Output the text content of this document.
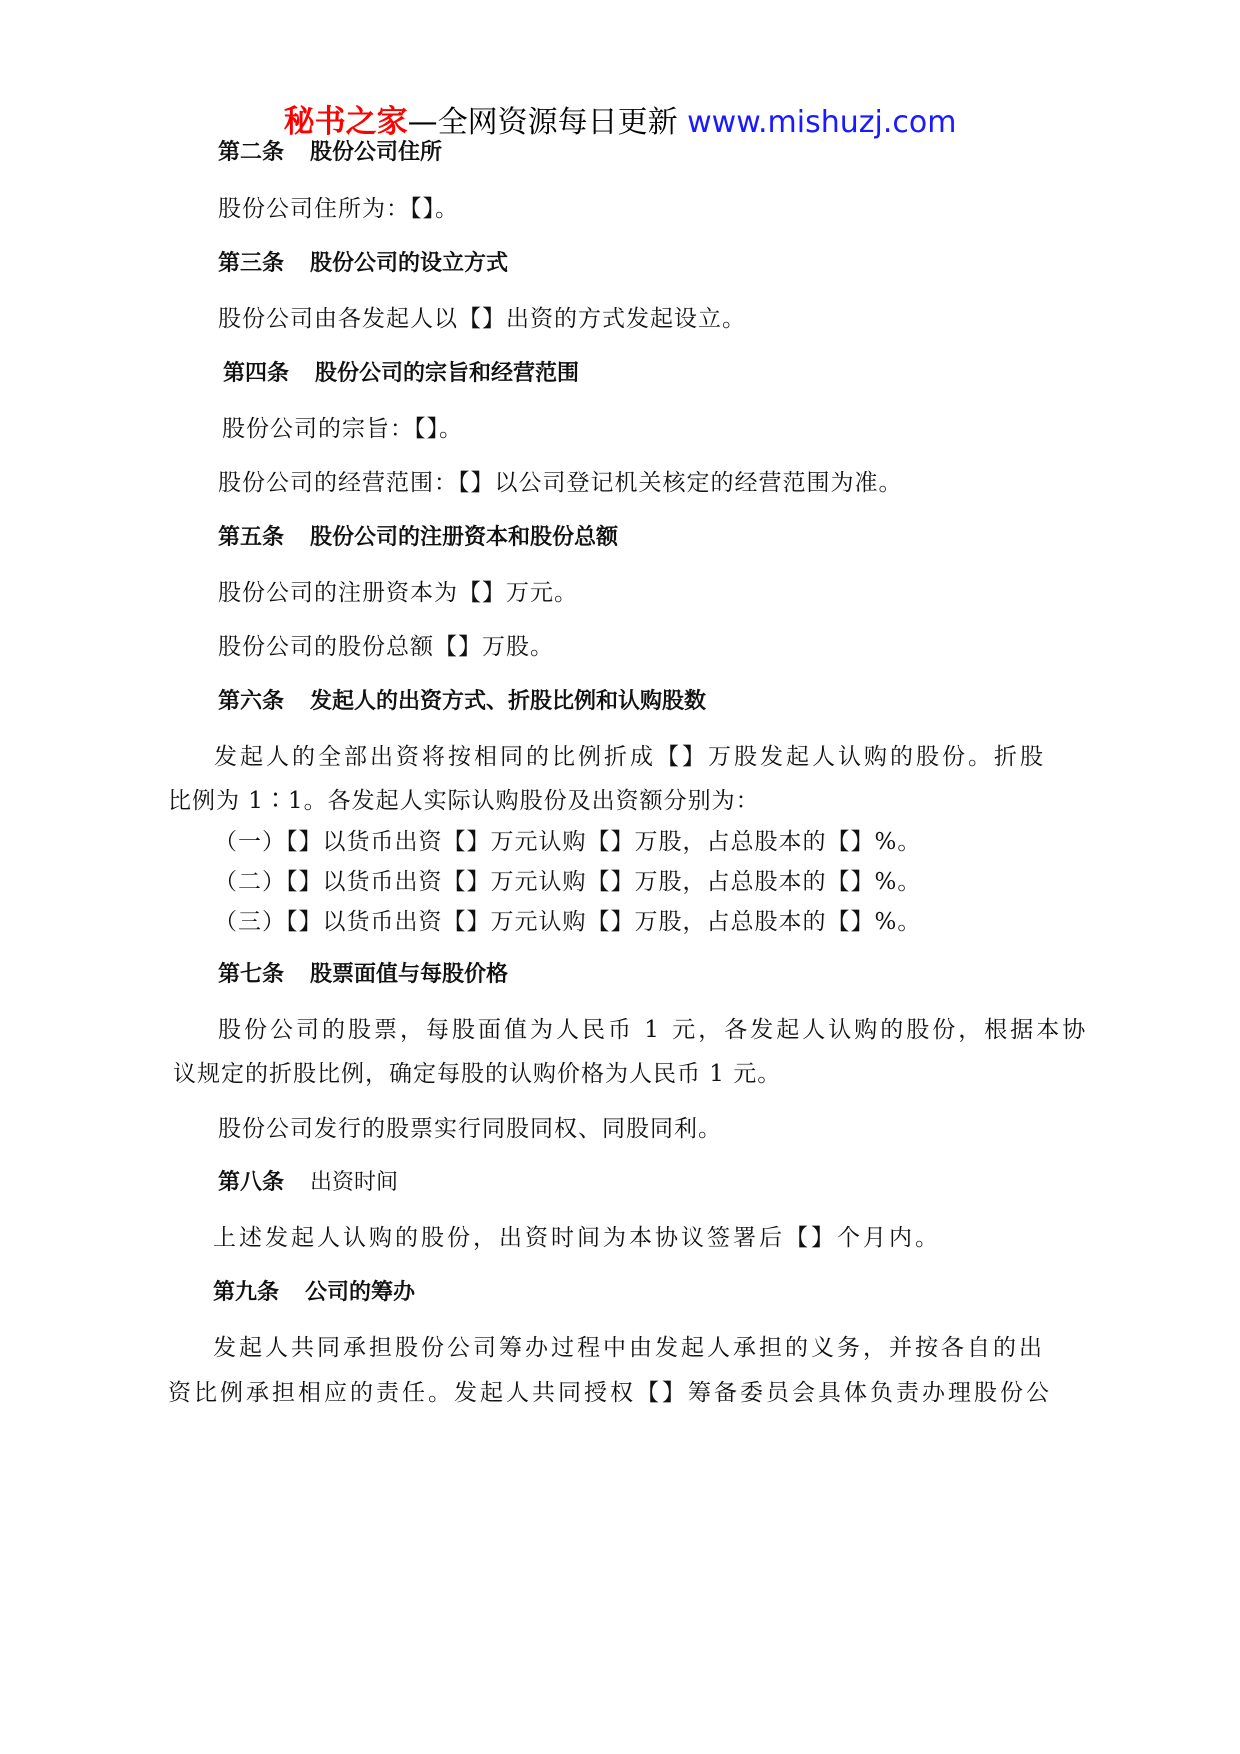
秘书之家—全网资源每日更新 www.mishuzj.com
第二条 股份公司住所
股份公司住所为：【】。
第三条 股份公司的设立方式
股份公司由各发起人以【】出资的方式发起设立。
第四条 股份公司的宗旨和经营范围
股份公司的宗旨：【】。
股份公司的经营范围：【】以公司登记机关核定的经营范围为准。
第五条 股份公司的注册资本和股份总额
股份公司的注册资本为【】万元。
股份公司的股份总额【】万股。
第六条 发起人的出资方式、折股比例和认购股数
发起人的全部出资将按相同的比例折成【】万股发起人认购的股份。折股
比例为 1∶1。各发起人实际认购股份及出资额分别为：
（一）【】以货币出资【】万元认购【】万股，占总股本的【】%。
（二）【】以货币出资【】万元认购【】万股，占总股本的【】%。
（三）【】以货币出资【】万元认购【】万股，占总股本的【】%。
第七条 股票面值与每股价格
股份公司的股票，每股面值为人民币 1 元，各发起人认购的股份，根据本协
议规定的折股比例，确定每股的认购价格为人民币 1 元。
股份公司发行的股票实行同股同权、同股同利。
第八条 出资时间
上述发起人认购的股份，出资时间为本协议签署后【】个月内。
第九条 公司的筹办
发起人共同承担股份公司筹办过程中由发起人承担的义务，并按各自的出
资比例承担相应的责任。发起人共同授权【】筹备委员会具体负责办理股份公
